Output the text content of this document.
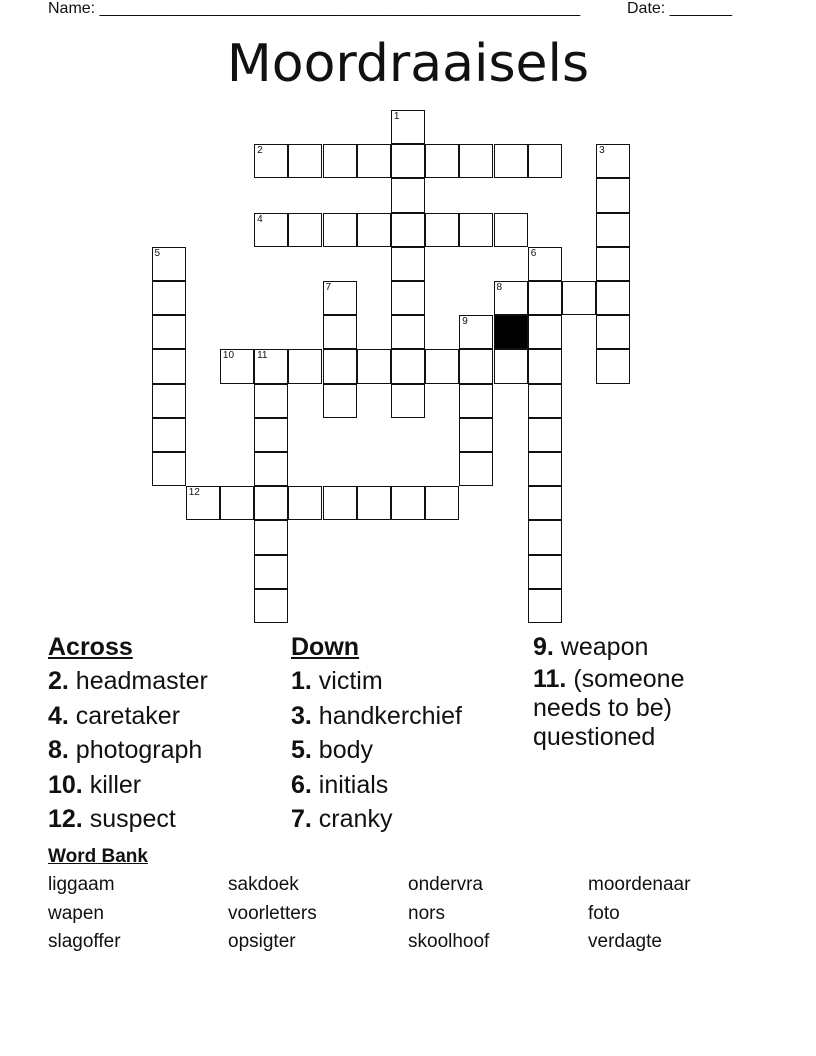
Name: ______________________________________________________	Date: _______
Moordraaisels
1
2	3
4
5	6
7	8
9
10 11
12
Across
2. headmaster
4. caretaker
8. photograph
10. killer
12. suspect
Down
1. victim
3. handkerchief
5. body
6. initials
7. cranky
9. weapon
11. (someone needs to be) questioned
Word Bank
liggaam	sakdoek	ondervra	moordenaar
wapen	voorletters	nors	foto
slagoffer	opsigter	skoolhoof	verdagte
